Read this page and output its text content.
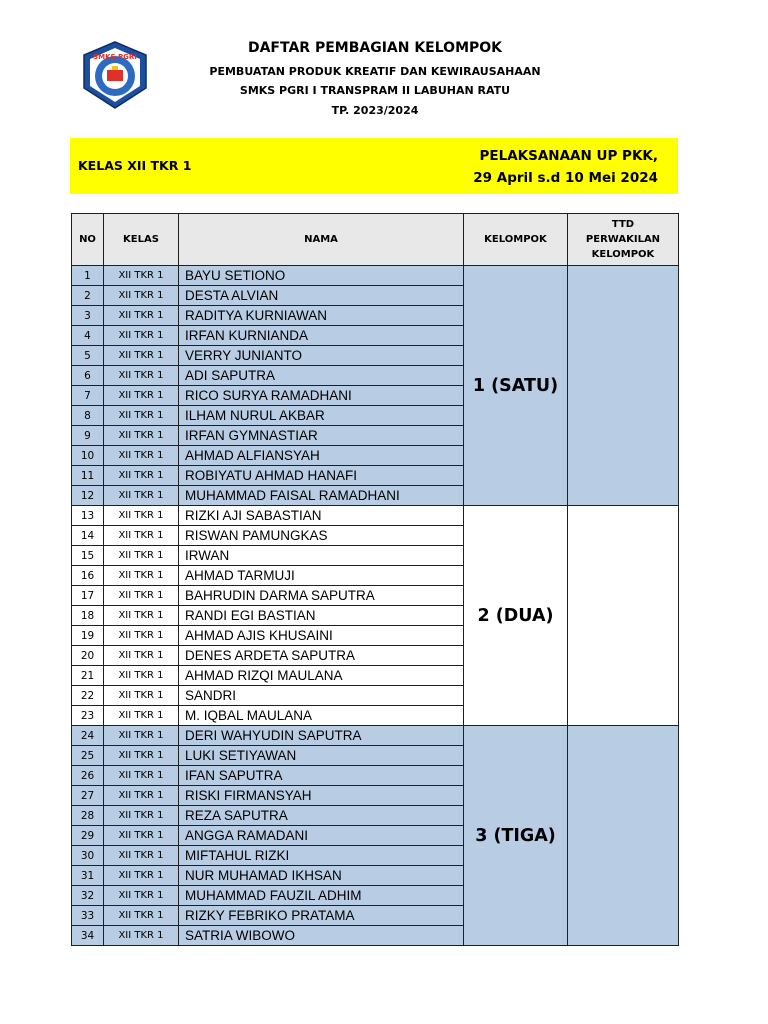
SMKS PGRI
DAFTAR PEMBAGIAN KELOMPOK
PEMBUATAN PRODUK KREATIF DAN KEWIRAUSAHAAN
SMKS PGRI I TRANSPRAM II LABUHAN RATU
TP. 2023/2024
KELAS XII TKR 1
PELAKSANAAN UP PKK,
29 April s.d 10 Mei 2024
NO	KELAS	NAMA	KELOMPOK	TTD
PERWAKILAN
KELOMPOK

1	XII TKR 1	BAYU SETIONO	1 (SATU)	
2	XII TKR 1	DESTA ALVIAN		
3	XII TKR 1	RADITYA KURNIAWAN		
4	XII TKR 1	IRFAN KURNIANDA		
5	XII TKR 1	VERRY JUNIANTO		
6	XII TKR 1	ADI SAPUTRA		
7	XII TKR 1	RICO SURYA RAMADHANI		
8	XII TKR 1	ILHAM NURUL AKBAR		
9	XII TKR 1	IRFAN GYMNASTIAR		
10	XII TKR 1	AHMAD ALFIANSYAH		
11	XII TKR 1	ROBIYATU AHMAD HANAFI		
12	XII TKR 1	MUHAMMAD FAISAL RAMADHANI		
13	XII TKR 1	RIZKI AJI SABASTIAN	2 (DUA)	
14	XII TKR 1	RISWAN PAMUNGKAS		
15	XII TKR 1	IRWAN		
16	XII TKR 1	AHMAD TARMUJI		
17	XII TKR 1	BAHRUDIN DARMA SAPUTRA		
18	XII TKR 1	RANDI EGI BASTIAN		
19	XII TKR 1	AHMAD AJIS KHUSAINI		
20	XII TKR 1	DENES ARDETA SAPUTRA		
21	XII TKR 1	AHMAD RIZQI MAULANA		
22	XII TKR 1	SANDRI		
23	XII TKR 1	M. IQBAL MAULANA		
24	XII TKR 1	DERI WAHYUDIN SAPUTRA	3 (TIGA)	
25	XII TKR 1	LUKI SETIYAWAN		
26	XII TKR 1	IFAN SAPUTRA		
27	XII TKR 1	RISKI FIRMANSYAH		
28	XII TKR 1	REZA SAPUTRA		
29	XII TKR 1	ANGGA RAMADANI		
30	XII TKR 1	MIFTAHUL RIZKI		
31	XII TKR 1	NUR MUHAMAD IKHSAN		
32	XII TKR 1	MUHAMMAD FAUZIL ADHIM		
33	XII TKR 1	RIZKY FEBRIKO PRATAMA		
34	XII TKR 1	SATRIA WIBOWO		
